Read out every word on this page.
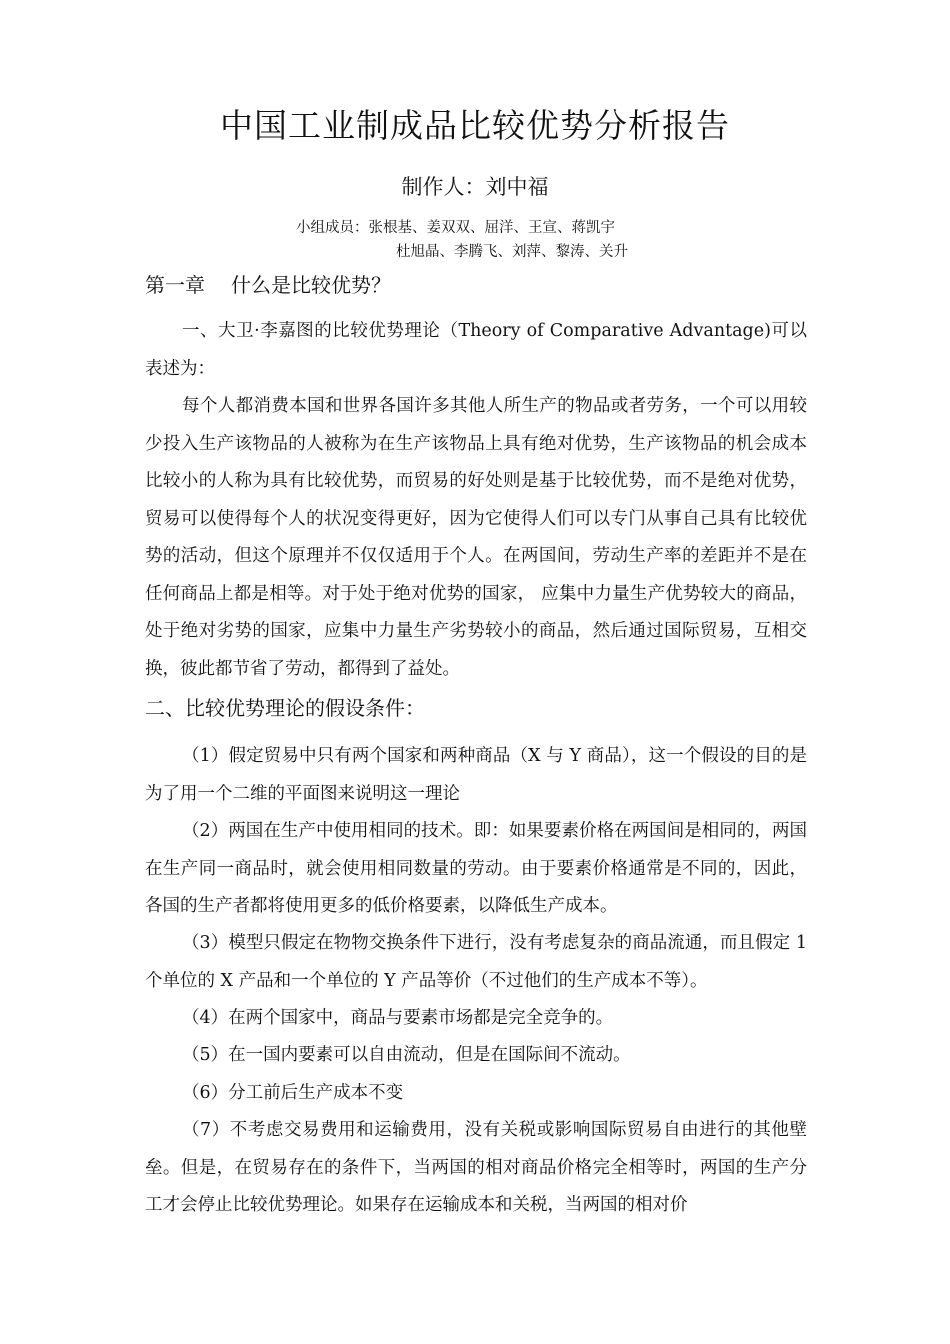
中国工业制成品比较优势分析报告
制作人：刘中福
小组成员：张根基、姜双双、屈洋、王宣、蒋凯宇
杜旭晶、李腾飞、刘萍、黎涛、关升
第一章 什么是比较优势？

一、大卫·李嘉图的比较优势理论（Theory of Comparative Advantage)可以表述为：

每个人都消费本国和世界各国许多其他人所生产的物品或者劳务，一个可以用较少投入生产该物品的人被称为在生产该物品上具有绝对优势，生产该物品的机会成本比较小的人称为具有比较优势，而贸易的好处则是基于比较优势，而不是绝对优势，贸易可以使得每个人的状况变得更好，因为它使得人们可以专门从事自己具有比较优势的活动，但这个原理并不仅仅适用于个人。在两国间，劳动生产率的差距并不是在任何商品上都是相等。对于处于绝对优势的国家， 应集中力量生产优势较大的商品，处于绝对劣势的国家，应集中力量生产劣势较小的商品，然后通过国际贸易，互相交换，彼此都节省了劳动，都得到了益处。

二、比较优势理论的假设条件：

（1）假定贸易中只有两个国家和两种商品（X 与 Y 商品），这一个假设的目的是为了用一个二维的平面图来说明这一理论

（2）两国在生产中使用相同的技术。即：如果要素价格在两国间是相同的，两国在生产同一商品时，就会使用相同数量的劳动。由于要素价格通常是不同的，因此，各国的生产者都将使用更多的低价格要素，以降低生产成本。

（3）模型只假定在物物交换条件下进行，没有考虑复杂的商品流通，而且假定 1 个单位的 X 产品和一个单位的 Y 产品等价（不过他们的生产成本不等）。

（4）在两个国家中，商品与要素市场都是完全竞争的。

（5）在一国内要素可以自由流动，但是在国际间不流动。

（6）分工前后生产成本不变

（7）不考虑交易费用和运输费用，没有关税或影响国际贸易自由进行的其他壁垒。但是，在贸易存在的条件下，当两国的相对商品价格完全相等时，两国的生产分工才会停止比较优势理论。如果存在运输成本和关税，当两国的相对价
